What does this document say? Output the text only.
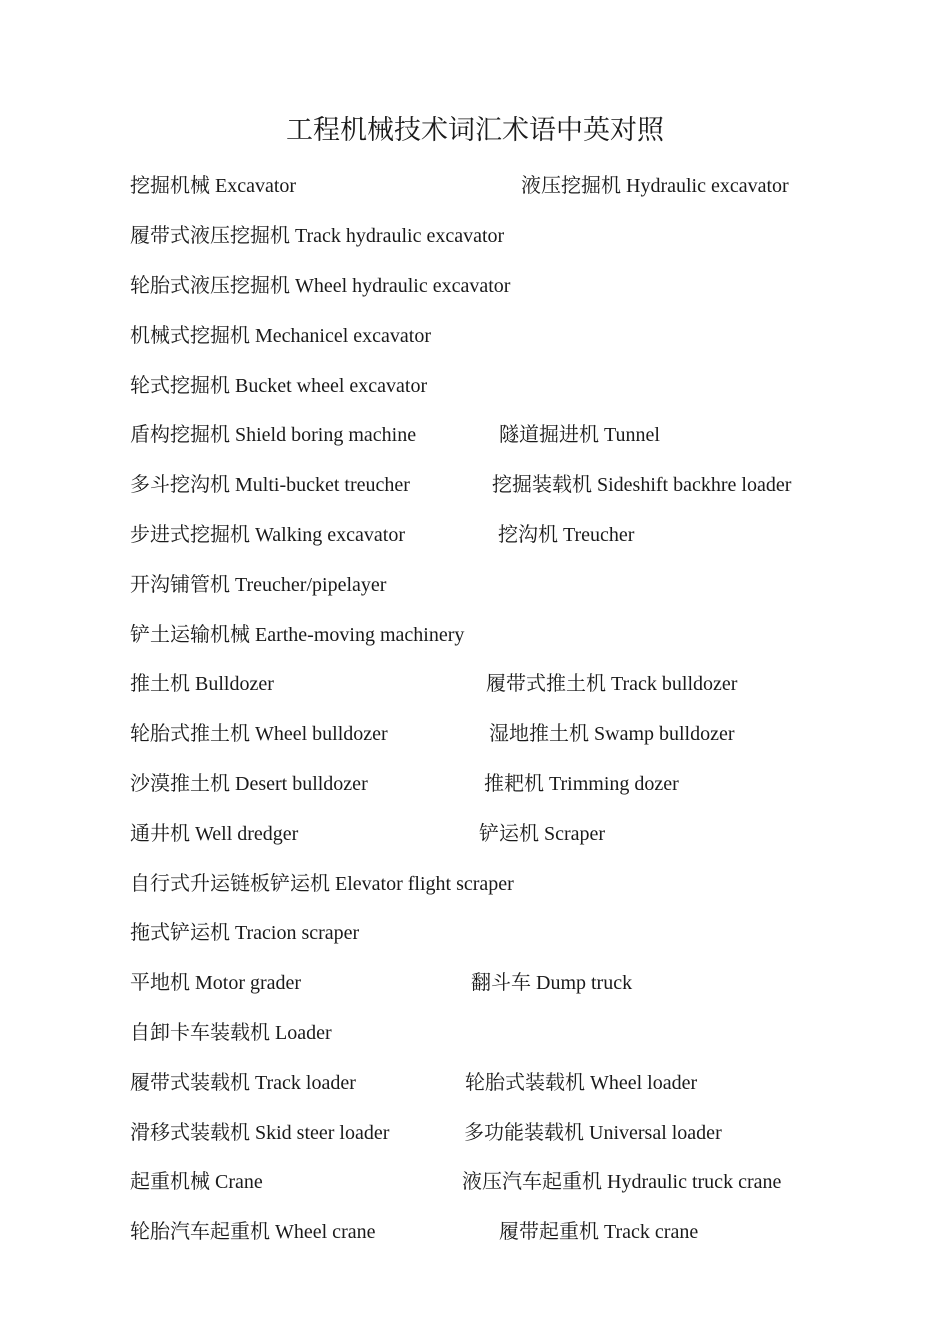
工程机械技术词汇术语中英对照
挖掘机械 Excavator	液压挖掘机 Hydraulic excavator
履带式液压挖掘机 Track hydraulic excavator
轮胎式液压挖掘机 Wheel hydraulic excavator
机械式挖掘机 Mechanicel excavator
轮式挖掘机 Bucket wheel excavator
盾构挖掘机 Shield boring machine	隧道掘进机 Tunnel
多斗挖沟机 Multi-bucket treucher	挖掘装载机 Sideshift backhre loader
步进式挖掘机 Walking excavator	挖沟机 Treucher
开沟铺管机 Treucher/pipelayer
铲土运输机械 Earthe-moving machinery
推土机 Bulldozer	履带式推土机 Track bulldozer
轮胎式推土机 Wheel bulldozer	湿地推土机 Swamp bulldozer
沙漠推土机 Desert bulldozer	推耙机 Trimming dozer
通井机 Well dredger	铲运机 Scraper
自行式升运链板铲运机 Elevator flight scraper
拖式铲运机 Tracion scraper
平地机 Motor grader	翻斗车 Dump truck
自卸卡车装载机 Loader
履带式装载机 Track loader	轮胎式装载机 Wheel loader
滑移式装载机 Skid steer loader	多功能装载机 Universal loader
起重机械 Crane	液压汽车起重机 Hydraulic truck crane
轮胎汽车起重机 Wheel crane	履带起重机 Track crane
